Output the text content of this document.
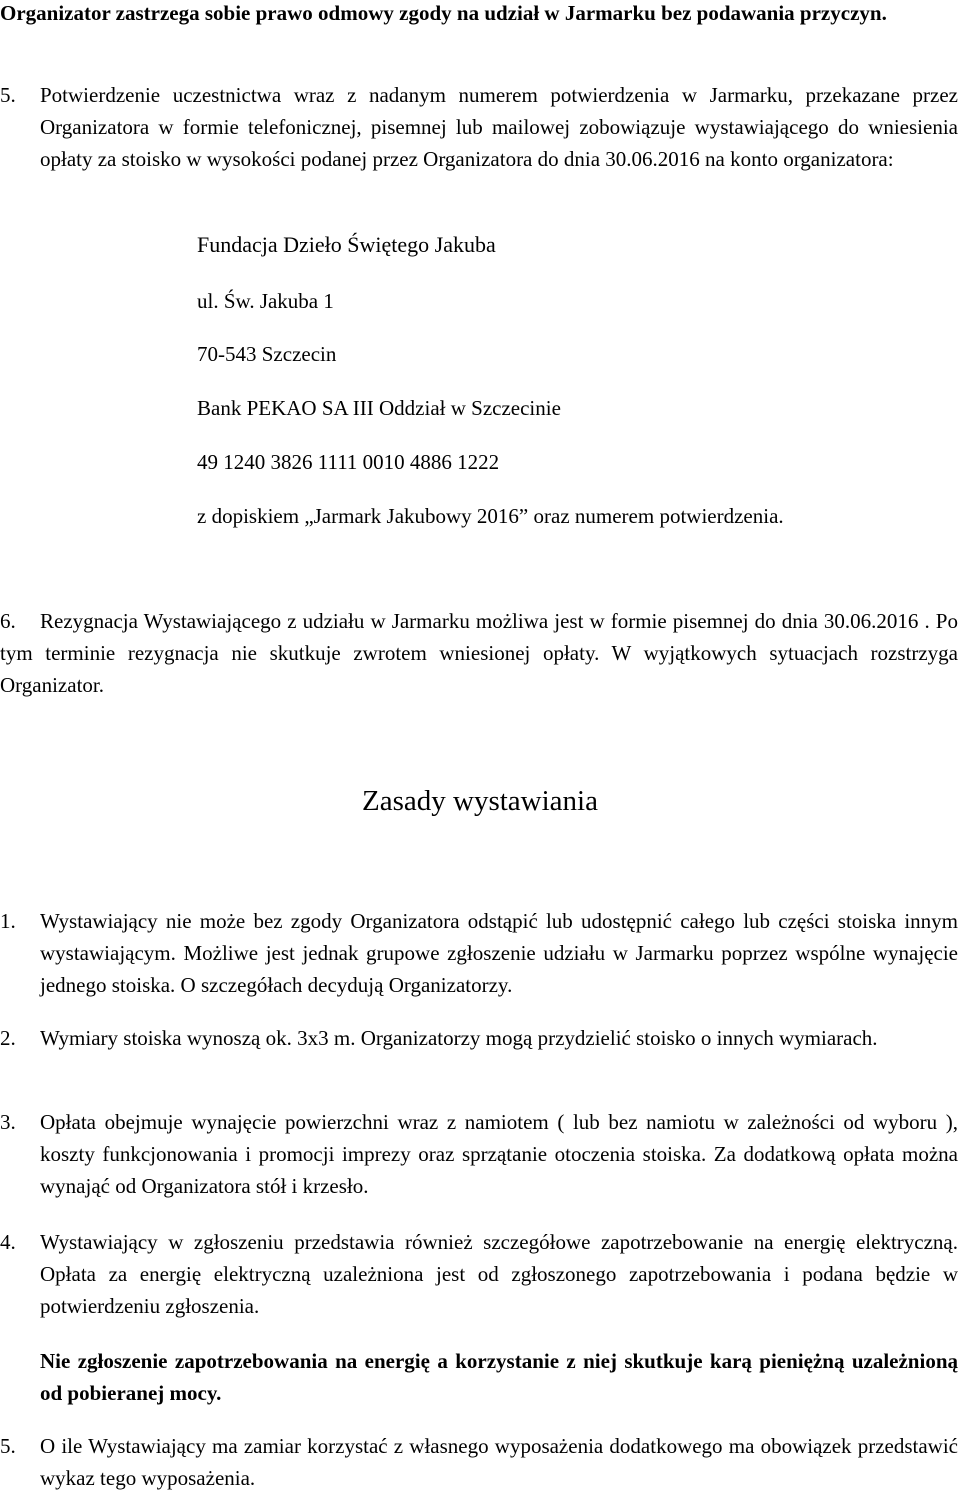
Organizator zastrzega sobie prawo odmowy zgody na udział w Jarmarku bez podawania przyczyn.
5. Potwierdzenie uczestnictwa wraz z nadanym numerem potwierdzenia w Jarmarku, przekazane przez Organizatora w formie telefonicznej, pisemnej lub mailowej zobowiązuje wystawiającego do wniesienia opłaty za stoisko w wysokości podanej przez Organizatora do dnia 30.06.2016 na konto organizatora:
Fundacja Dzieło Świętego Jakuba
ul. Św. Jakuba 1
70-543 Szczecin
Bank PEKAO SA III Oddział w Szczecinie
49 1240 3826 1111 0010 4886 1222
z dopiskiem „Jarmark Jakubowy 2016” oraz numerem potwierdzenia.
6.	Rezygnacja Wystawiającego z udziału w Jarmarku możliwa jest w formie pisemnej do dnia 30.06.2016 . Po tym terminie rezygnacja nie skutkuje zwrotem wniesionej opłaty. W wyjątkowych sytuacjach rozstrzyga Organizator.
Zasady wystawiania
1. Wystawiający nie może bez zgody Organizatora odstąpić lub udostępnić całego lub części stoiska innym wystawiającym. Możliwe jest jednak grupowe zgłoszenie udziału w Jarmarku poprzez wspólne wynajęcie jednego stoiska. O szczegółach decydują Organizatorzy.
2. Wymiary stoiska wynoszą ok. 3x3 m. Organizatorzy mogą przydzielić stoisko o innych wymiarach.
3. Opłata obejmuje wynajęcie powierzchni wraz z namiotem ( lub bez namiotu w zależności od wyboru ), koszty funkcjonowania i promocji imprezy oraz sprzątanie otoczenia stoiska. Za dodatkową opłata można wynająć od Organizatora stół i krzesło.
4. Wystawiający w zgłoszeniu przedstawia również szczegółowe zapotrzebowanie na energię elektryczną. Opłata za energię elektryczną uzależniona jest od zgłoszonego zapotrzebowania i podana będzie w potwierdzeniu zgłoszenia.
Nie zgłoszenie zapotrzebowania na energię a korzystanie z niej skutkuje karą pieniężną uzależnioną od pobieranej mocy.
5. O ile Wystawiający ma zamiar korzystać z własnego wyposażenia dodatkowego ma obowiązek przedstawić wykaz tego wyposażenia.
